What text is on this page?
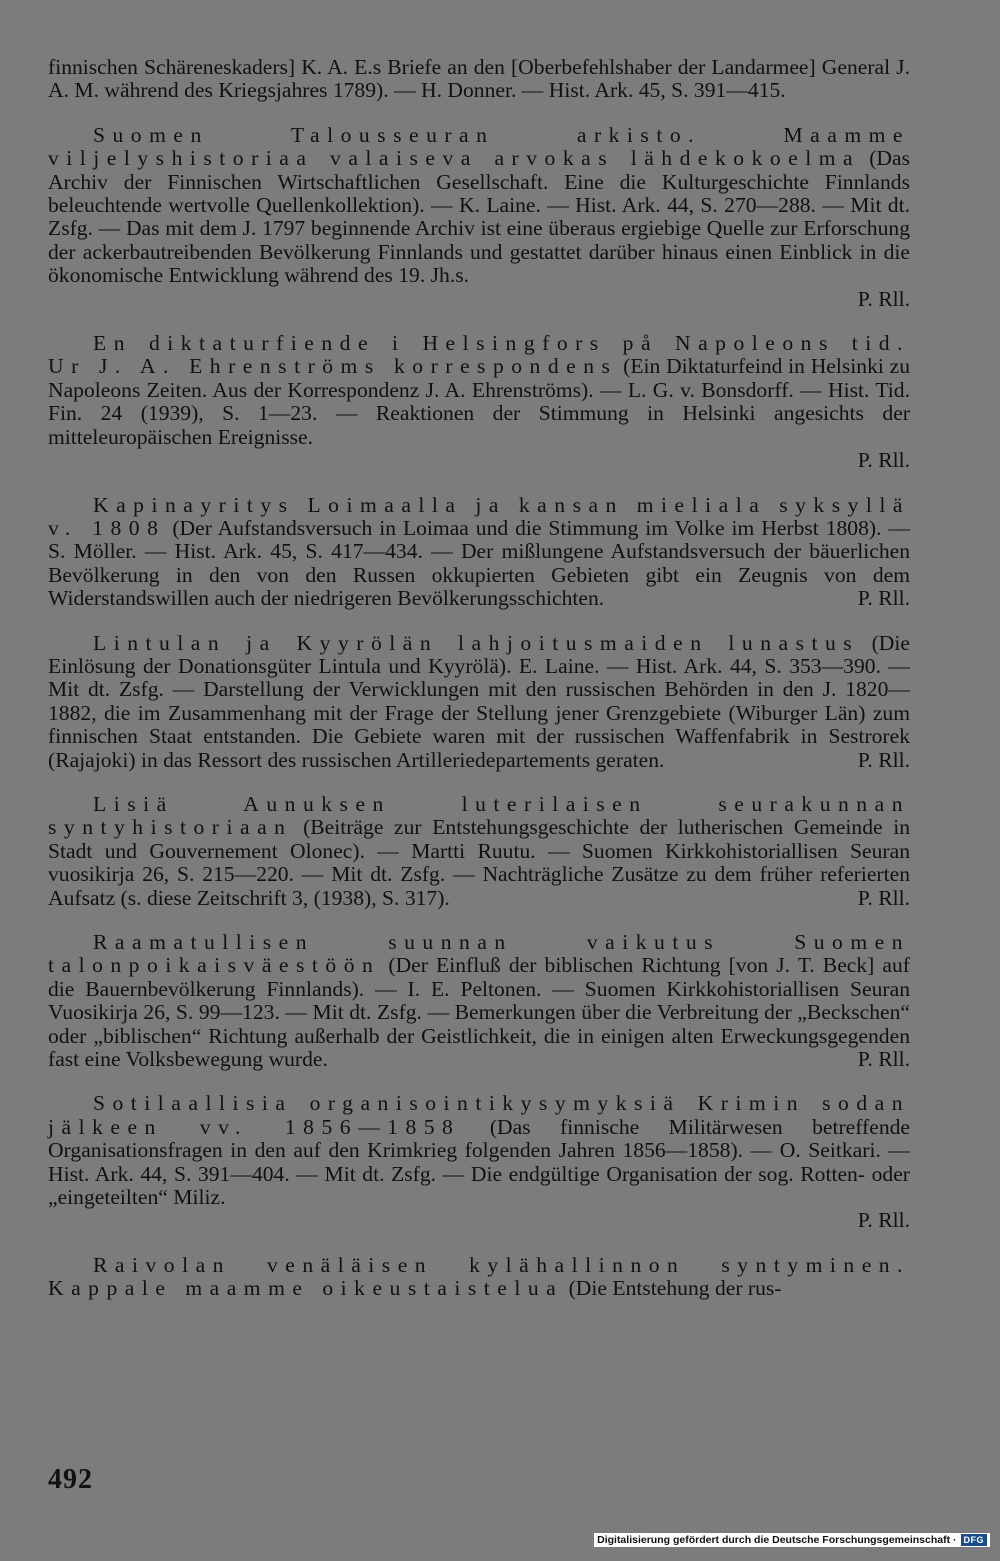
finnischen Schäreneskaders] K. A. E.s Briefe an den [Oberbefehlshaber der Landarmee] General J. A. M. während des Kriegsjahres 1789). — H. Donner. — Hist. Ark. 45, S. 391—415.

Suomen Talousseuran arkisto. Maamme viljelyshistoriaa valaiseva arvokas lähdekokoelma (Das Archiv der Finnischen Wirtschaftlichen Gesellschaft. Eine die Kulturgeschichte Finnlands beleuchtende wertvolle Quellenkollektion). — K. Laine. — Hist. Ark. 44, S. 270—288. — Mit dt. Zsfg. — Das mit dem J. 1797 beginnende Archiv ist eine überaus ergiebige Quelle zur Erforschung der ackerbautreibenden Bevölkerung Finnlands und gestattet darüber hinaus einen Einblick in die ökonomische Entwicklung während des 19. Jh.s.

P. Rll.

En diktaturfiende i Helsingfors på Napoleons tid. Ur J. A. Ehrenströms korrespondens (Ein Diktaturfeind in Helsinki zu Napoleons Zeiten. Aus der Korrespondenz J. A. Ehrenströms). — L. G. v. Bonsdorff. — Hist. Tid. Fin. 24 (1939), S. 1—23. — Reaktionen der Stimmung in Helsinki angesichts der mitteleuropäischen Ereignisse.

P. Rll.

Kapinayritys Loimaalla ja kansan mieliala syksyllä v. 1808 (Der Aufstandsversuch in Loimaa und die Stimmung im Volke im Herbst 1808). — S. Möller. — Hist. Ark. 45, S. 417—434. — Der mißlungene Aufstandsversuch der bäuerlichen Bevölkerung in den von den Russen okkupierten Gebieten gibt ein Zeugnis von dem Widerstandswillen auch der niedrigeren Bevölkerungsschichten.	P. Rll.

Lintulan ja Kyyrölän lahjoitusmaiden lunastus (Die Einlösung der Donationsgüter Lintula und Kyyrölä). E. Laine. — Hist. Ark. 44, S. 353—390. — Mit dt. Zsfg. — Darstellung der Verwicklungen mit den russischen Behörden in den J. 1820—1882, die im Zusammenhang mit der Frage der Stellung jener Grenzgebiete (Wiburger Län) zum finnischen Staat entstanden. Die Gebiete waren mit der russischen Waffenfabrik in Sestrorek (Rajajoki) in das Ressort des russischen Artilleriedepartements geraten.	P. Rll.

Lisiä Aunuksen luterilaisen seurakunnan syntyhistoriaan (Beiträge zur Entstehungsgeschichte der lutherischen Gemeinde in Stadt und Gouvernement Olonec). — Martti Ruutu. — Suomen Kirkkohistoriallisen Seuran vuosikirja 26, S. 215—220. — Mit dt. Zsfg. — Nachträgliche Zusätze zu dem früher referierten Aufsatz (s. diese Zeitschrift 3, (1938), S. 317).	P. Rll.

Raamatullisen suunnan vaikutus Suomen talonpoikaisväestöön (Der Einfluß der biblischen Richtung [von J. T. Beck] auf die Bauernbevölkerung Finnlands). — I. E. Peltonen. — Suomen Kirkkohistoriallisen Seuran Vuosikirja 26, S. 99—123. — Mit dt. Zsfg. — Bemerkungen über die Verbreitung der „Beckschen“ oder „biblischen“ Richtung außerhalb der Geistlichkeit, die in einigen alten Erweckungsgegenden fast eine Volksbewegung wurde.	P. Rll.

Sotilaallisia organisointikysymyksiä Krimin sodan jälkeen vv. 1856—1858 (Das finnische Militärwesen betreffende Organisationsfragen in den auf den Krimkrieg folgenden Jahren 1856—1858). — O. Seitkari. — Hist. Ark. 44, S. 391—404. — Mit dt. Zsfg. — Die endgültige Organisation der sog. Rotten- oder „eingeteilten“ Miliz.

P. Rll.

Raivolan venäläisen kylähallinnon syntyminen. Kappale maamme oikeustaistelua (Die Entstehung der rus-

492
Digitalisierung gefördert durch die Deutsche Forschungsgemeinschaft · DFG
